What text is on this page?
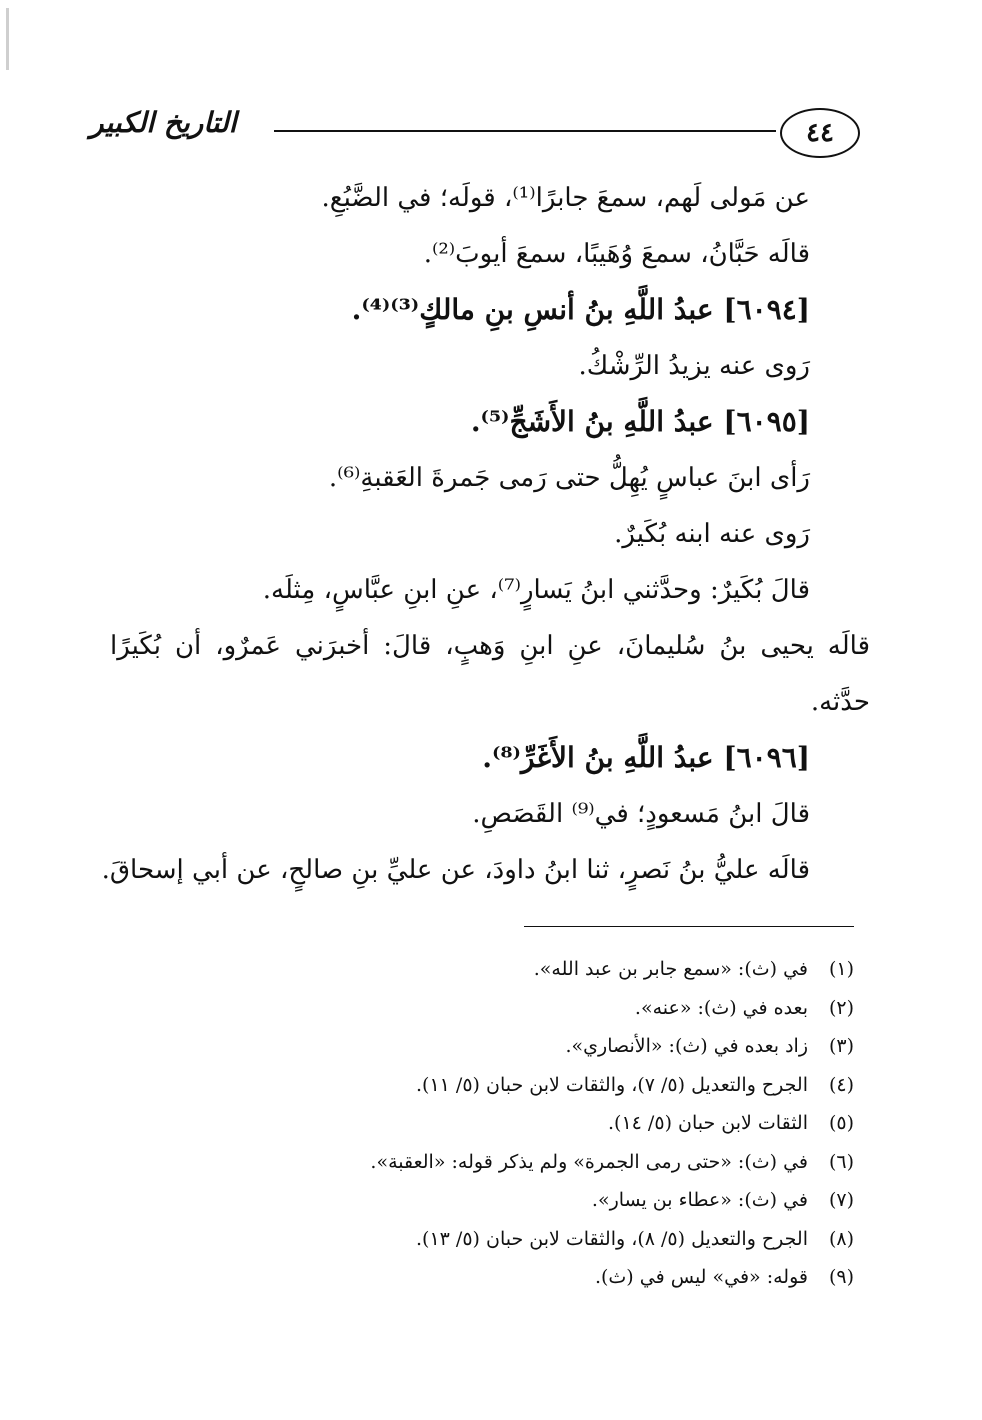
٤٤
التاريخ الكبير
عن مَولى لَهم، سمعَ جابرًا⁽¹⁾، قولَه؛ في الضَّبُعِ.
قالَه حَبَّانُ، سمعَ وُهَيبًا، سمعَ أيوبَ⁽²⁾.
[٦٠٩٤] عبدُ اللَّهِ بنُ أنسِ بنِ مالكٍ⁽³⁾⁽⁴⁾.
رَوى عنه يزيدُ الرِّشْكُ.
[٦٠٩٥] عبدُ اللَّهِ بنُ الأَشَجِّ⁽⁵⁾.
رَأى ابنَ عباسٍ يُهِلُّ حتى رَمى جَمرةَ العَقبةِ⁽⁶⁾.
رَوى عنه ابنه بُكَيرٌ.
قالَ بُكَيرٌ: وحدَّثني ابنُ يَسارٍ⁽⁷⁾، عنِ ابنِ عبَّاسٍ، مِثلَه.
قالَه يحيى بنُ سُليمانَ، عنِ ابنِ وَهبٍ، قالَ: أخبرَني عَمرٌو، أن بُكَيرًا
حدَّثه.
[٦٠٩٦] عبدُ اللَّهِ بنُ الأَغَرِّ⁽⁸⁾.
قالَ ابنُ مَسعودٍ؛ في⁽⁹⁾ القَصَصِ.
قالَه عليُّ بنُ نَصرٍ، ثنا ابنُ داودَ، عن عليِّ بنِ صالحٍ، عن أبي إسحاقَ.
(١)
في (ث): «سمع جابر بن عبد الله».
(٢)
بعده في (ث): «عنه».
(٣)
زاد بعده في (ث): «الأنصاري».
(٤)
الجرح والتعديل (٥/ ٧)، والثقات لابن حبان (٥/ ١١).
(٥)
الثقات لابن حبان (٥/ ١٤).
(٦)
في (ث): «حتى رمى الجمرة» ولم يذكر قوله: «العقبة».
(٧)
في (ث): «عطاء بن يسار».
(٨)
الجرح والتعديل (٥/ ٨)، والثقات لابن حبان (٥/ ١٣).
(٩)
قوله: «في» ليس في (ث).
